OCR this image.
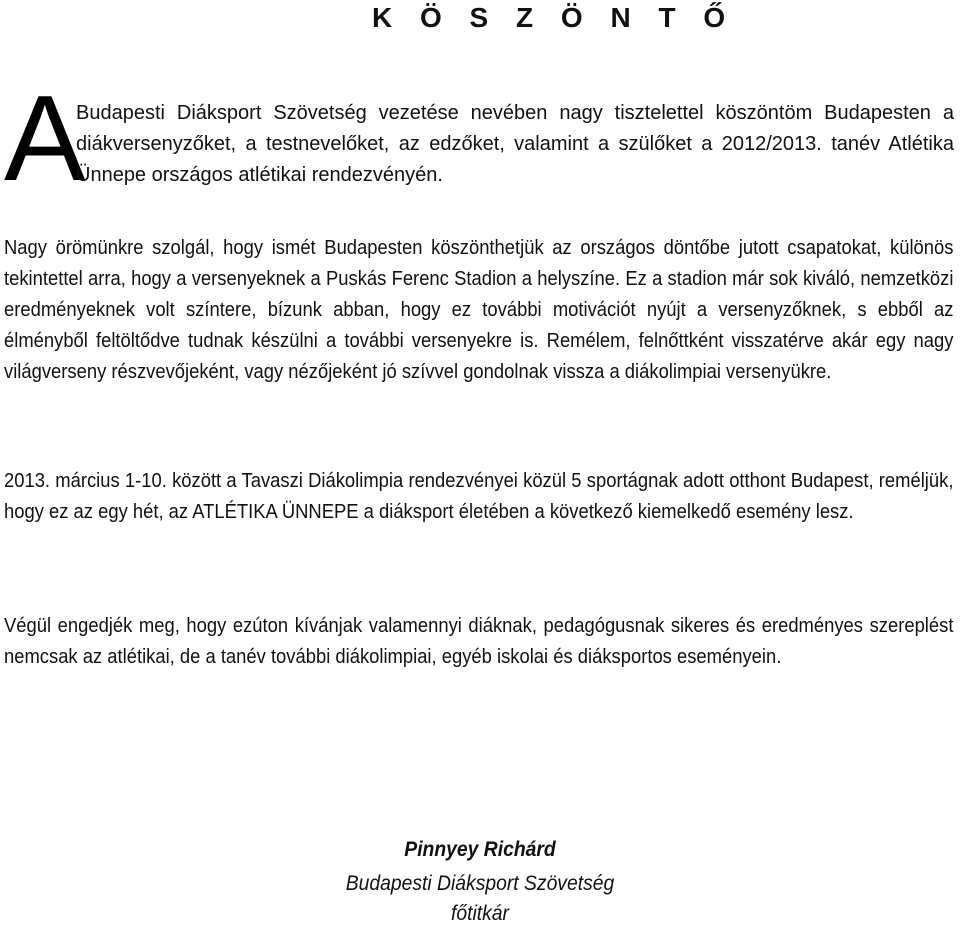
K Ö S Z Ö N T Ő
A

Budapesti Diáksport Szövetség vezetése nevében nagy tisztelettel köszöntöm Budapesten a diákversenyzőket, a testnevelőket, az edzőket, valamint a szülőket a 2012/2013. tanév Atlétika Ünnepe országos atlétikai rendezvényén.

Nagy örömünkre szolgál, hogy ismét Budapesten köszönthetjük az országos döntőbe jutott csapatokat, különös tekintettel arra, hogy a versenyeknek a Puskás Ferenc Stadion a helyszíne. Ez a stadion már sok kiváló, nemzetközi eredményeknek volt színtere, bízunk abban, hogy ez további motivációt nyújt a versenyzőknek, s ebből az élményből feltöltődve tudnak készülni a további versenyekre is. Remélem, felnőttként visszatérve akár egy nagy világverseny részvevőjeként, vagy nézőjeként jó szívvel gondolnak vissza a diákolimpiai versenyükre.

2013. március 1-10. között a Tavaszi Diákolimpia rendezvényei közül 5 sportágnak adott otthont Budapest, reméljük, hogy ez az egy hét, az ATLÉTIKA ÜNNEPE a diáksport életében a következő kiemelkedő esemény lesz.

Végül engedjék meg, hogy ezúton kívánjak valamennyi diáknak, pedagógusnak sikeres és eredményes szereplést nemcsak az atlétikai, de a tanév további diákolimpiai, egyéb iskolai és diáksportos eseményein.

Pinnyey Richárd
Budapesti Diáksport Szövetség
főtitkár
